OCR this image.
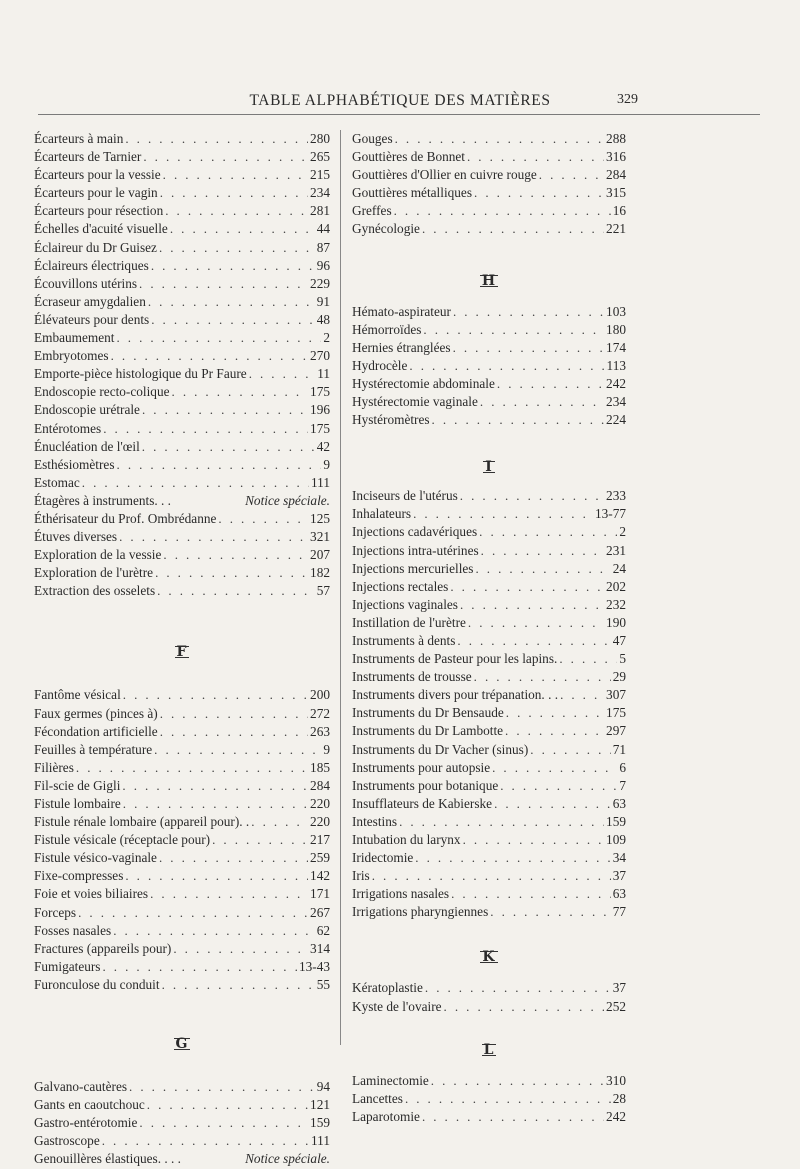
TABLE ALPHABÉTIQUE DES MATIÈRES	329
Écarteurs à main . . .	280
Écarteurs de Tarnier . . .	265
Écarteurs pour la vessie . . .	215
Écarteurs pour le vagin . . .	234
Écarteurs pour résection . . .	281
Échelles d'acuité visuelle . . .	44
Éclaireur du Dr Guisez . . .	87
Éclaireurs électriques . . .	96
Écouvillons utérins . . .	229
Écraseur amygdalien . . .	91
Élévateurs pour dents . . .	48
Embaumement . . .	2
Embryotomes . . .	270
Emporte-pièce histologique du Pr Faure . . .	11
Endoscopie recto-colique . . .	175
Endoscopie urétrale . . .	196
Entérotomes . . .	175
Énucléation de l'œil . . .	42
Esthésiomètres . . .	9
Estomac . . .	111
Étagères à instruments. . .	Notice spéciale.
Éthérisateur du Prof. Ombrédanne . . .	125
Étuves diverses . . .	321
Exploration de la vessie . . .	207
Exploration de l'urètre . . .	182
Extraction des osselets . . .	57
F
Fantôme vésical . . .	200
Faux germes (pinces à) . . .	272
Fécondation artificielle . . .	263
Feuilles à température . . .	9
Filières . . .	185
Fil-scie de Gigli . . .	284
Fistule lombaire . . .	220
Fistule rénale lombaire (appareil pour). . . . .	220
Fistule vésicale (réceptacle pour) . . .	217
Fistule vésico-vaginale . . .	259
Fixe-compresses . . .	142
Foie et voies biliaires . . .	171
Forceps . . .	267
Fosses nasales . . .	62
Fractures (appareils pour) . . .	314
Fumigateurs . . .	13-43
Furonculose du conduit . . .	55
G
Galvano-cautères . . .	94
Gants en caoutchouc . . .	121
Gastro-entérotomie . . .	159
Gastroscope . . .	111
Genouillères élastiques. . . .	Notice spéciale.
Gouges . . .	288
Gouttières de Bonnet . . .	316
Gouttières d'Ollier en cuivre rouge . . .	284
Gouttières métalliques . . .	315
Greffes . . .	16
Gynécologie . . .	221
H
Hémato-aspirateur . . .	103
Hémorroïdes . . .	180
Hernies étranglées . . .	174
Hydrocèle . . .	113
Hystérectomie abdominale . . .	242
Hystérectomie vaginale . . .	234
Hystéromètres . . .	224
I
Inciseurs de l'utérus . . .	233
Inhalateurs . . .	13-77
Injections cadavériques . . .	2
Injections intra-utérines . . .	231
Injections mercurielles . . .	24
Injections rectales . . .	202
Injections vaginales . . .	232
Instillation de l'urètre . . .	190
Instruments à dents . . .	47
Instruments de Pasteur pour les lapins. . . .	5
Instruments de trousse . . .	29
Instruments divers pour trépanation. . . . . .	307
Instruments du Dr Bensaude . . .	175
Instruments du Dr Lambotte . . .	297
Instruments du Dr Vacher (sinus) . . .	71
Instruments pour autopsie . . .	6
Instruments pour botanique . . .	7
Insufflateurs de Kabierske . . .	63
Intestins . . .	159
Intubation du larynx . . .	109
Iridectomie . . .	34
Iris . . .	37
Irrigations nasales . . .	63
Irrigations pharyngiennes . . .	77
K
Kératoplastie . . .	37
Kyste de l'ovaire . . .	252
L
Laminectomie . . .	310
Lancettes . . .	28
Laparotomie . . .	242
